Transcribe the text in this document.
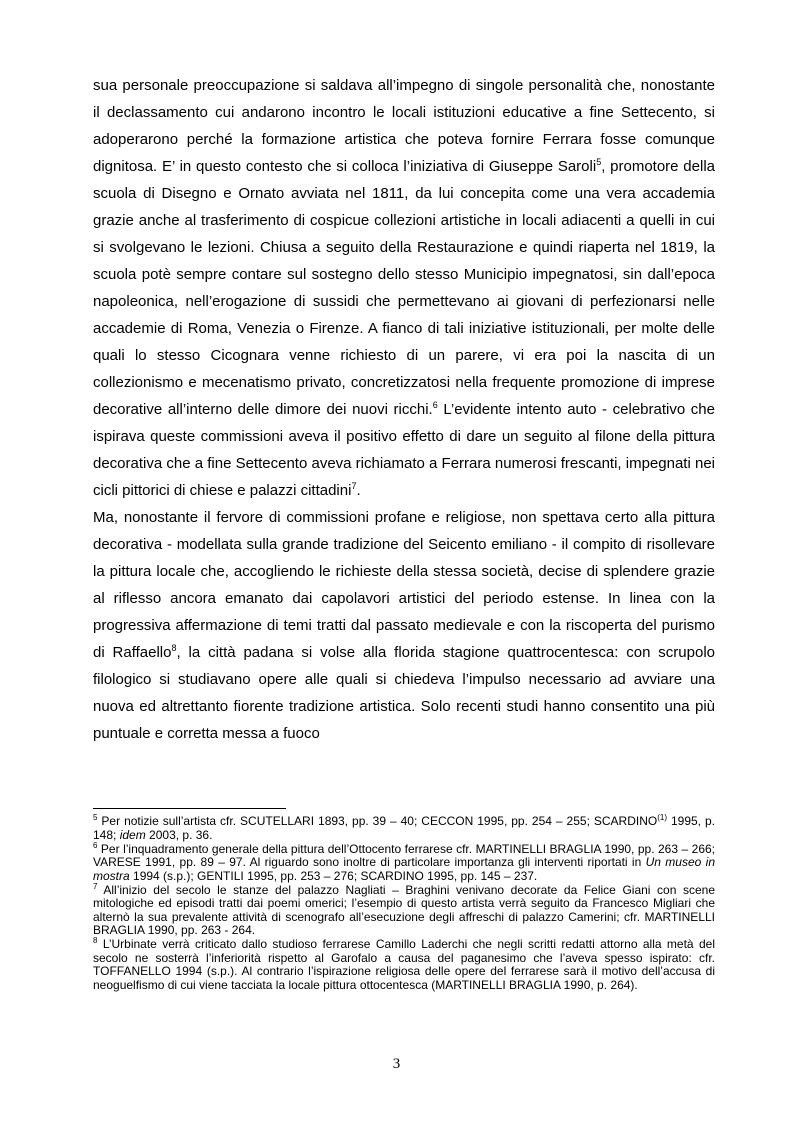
sua personale preoccupazione si saldava all’impegno di singole personalità che, nonostante il declassamento cui andarono incontro le locali istituzioni educative a fine Settecento, si adoperarono perché la formazione artistica che poteva fornire Ferrara fosse comunque dignitosa. E’ in questo contesto che si colloca l’iniziativa di Giuseppe Saroli$^5$, promotore della scuola di Disegno e Ornato avviata nel 1811, da lui concepita come una vera accademia grazie anche al trasferimento di cospicue collezioni artistiche in locali adiacenti a quelli in cui si svolgevano le lezioni. Chiusa a seguito della Restaurazione e quindi riaperta nel 1819, la scuola potè sempre contare sul sostegno dello stesso Municipio impegnatosi, sin dall’epoca napoleonica, nell’erogazione di sussidi che permettevano ai giovani di perfezionarsi nelle accademie di Roma, Venezia o Firenze. A fianco di tali iniziative istituzionali, per molte delle quali lo stesso Cicognara venne richiesto di un parere, vi era poi la nascita di un collezionismo e mecenatismo privato, concretizzatosi nella frequente promozione di imprese decorative all’interno delle dimore dei nuovi ricchi.$^6$ L’evidente intento auto - celebrativo che ispirava queste commissioni aveva il positivo effetto di dare un seguito al filone della pittura decorativa che a fine Settecento aveva richiamato a Ferrara numerosi frescanti, impegnati nei cicli pittorici di chiese e palazzi cittadini$^7$.

Ma, nonostante il fervore di commissioni profane e religiose, non spettava certo alla pittura decorativa - modellata sulla grande tradizione del Seicento emiliano - il compito di risollevare la pittura locale che, accogliendo le richieste della stessa società, decise di splendere grazie al riflesso ancora emanato dai capolavori artistici del periodo estense. In linea con la progressiva affermazione di temi tratti dal passato medievale e con la riscoperta del purismo di Raffaello$^8$, la città padana si volse alla florida stagione quattrocentesca: con scrupolo filologico si studiavano opere alle quali si chiedeva l’impulso necessario ad avviare una nuova ed altrettanto fiorente tradizione artistica. Solo recenti studi hanno consentito una più puntuale e corretta messa a fuoco

$^5$ Per notizie sull’artista cfr. SCUTELLARI 1893, pp. 39 – 40; CECCON 1995, pp. 254 – 255; SCARDINO$^{(1)}$ 1995, p. 148; idem 2003, p. 36.
$^6$ Per l’inquadramento generale della pittura dell’Ottocento ferrarese cfr. MARTINELLI BRAGLIA 1990, pp. 263 – 266; VARESE 1991, pp. 89 – 97. Al riguardo sono inoltre di particolare importanza gli interventi riportati in Un museo in mostra 1994 (s.p.); GENTILI 1995, pp. 253 – 276; SCARDINO 1995, pp. 145 – 237.
$^7$ All’inizio del secolo le stanze del palazzo Nagliati – Braghini venivano decorate da Felice Giani con scene mitologiche ed episodi tratti dai poemi omerici; l’esempio di questo artista verrà seguito da Francesco Migliari che alternò la sua prevalente attività di scenografo all’esecuzione degli affreschi di palazzo Camerini; cfr. MARTINELLI BRAGLIA 1990, pp. 263 - 264.
$^8$ L’Urbinate verrà criticato dallo studioso ferrarese Camillo Laderchi che negli scritti redatti attorno alla metà del secolo ne sosterrà l’inferiorità rispetto al Garofalo a causa del paganesimo che l’aveva spesso ispirato: cfr. TOFFANELLO 1994 (s.p.). Al contrario l’ispirazione religiosa delle opere del ferrarese sarà il motivo dell’accusa di neoguelfismo di cui viene tacciata la locale pittura ottocentesca (MARTINELLI BRAGLIA 1990, p. 264).
3
